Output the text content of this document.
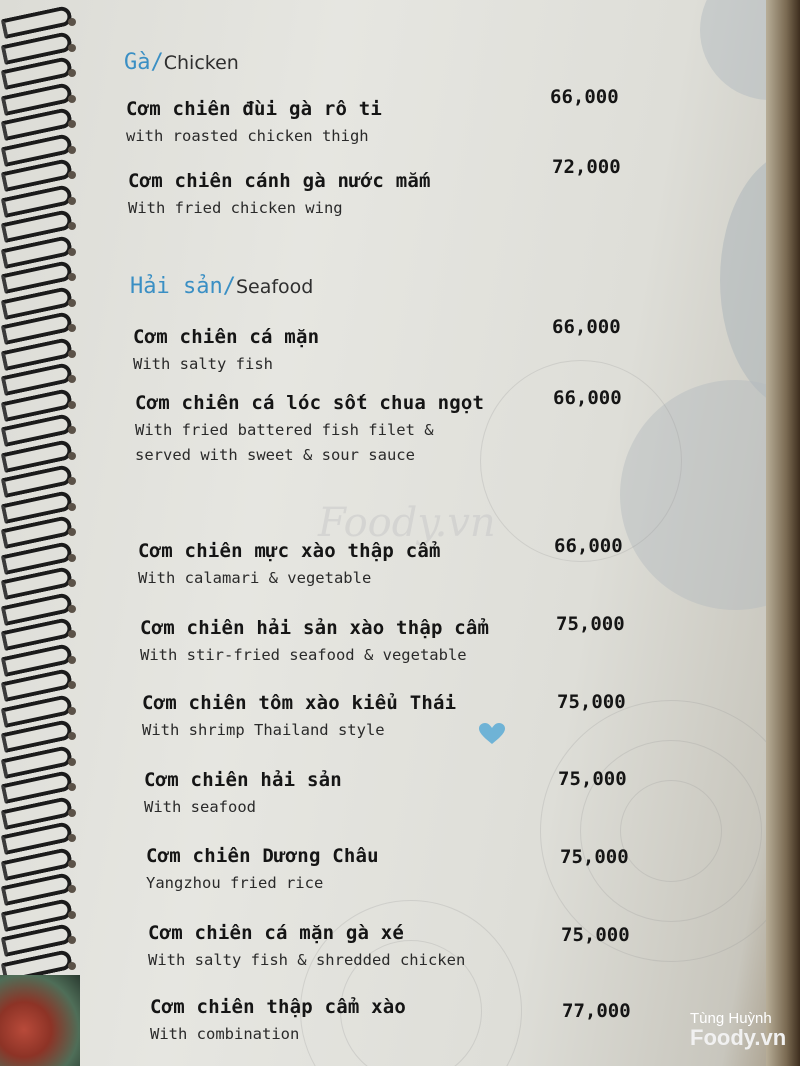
Foody.vn
Gà/Chicken
Cơm chiên đùi gà rô ti
with roasted chicken thigh
66,000
Cơm chiên cánh gà nước mắm
With fried chicken wing
72,000
Hải sản/Seafood
Cơm chiên cá mặn
With salty fish
66,000
Cơm chiên cá lóc sốt chua ngọt
With fried battered fish filet & served with sweet & sour sauce
66,000
Cơm chiên mực xào thập cẩm
With calamari & vegetable
66,000
Cơm chiên hải sản xào thập cẩm
With stir-fried seafood & vegetable
75,000
Cơm chiên tôm xào kiểu Thái
With shrimp Thailand style
75,000
Cơm chiên hải sản
With seafood
75,000
Cơm chiên Dương Châu
Yangzhou fried rice
75,000
Cơm chiên cá mặn gà xé
With salty fish & shredded chicken
75,000
Cơm chiên thập cẩm xào
With combination
77,000	Tùng Huỳnh
Foody.vn
